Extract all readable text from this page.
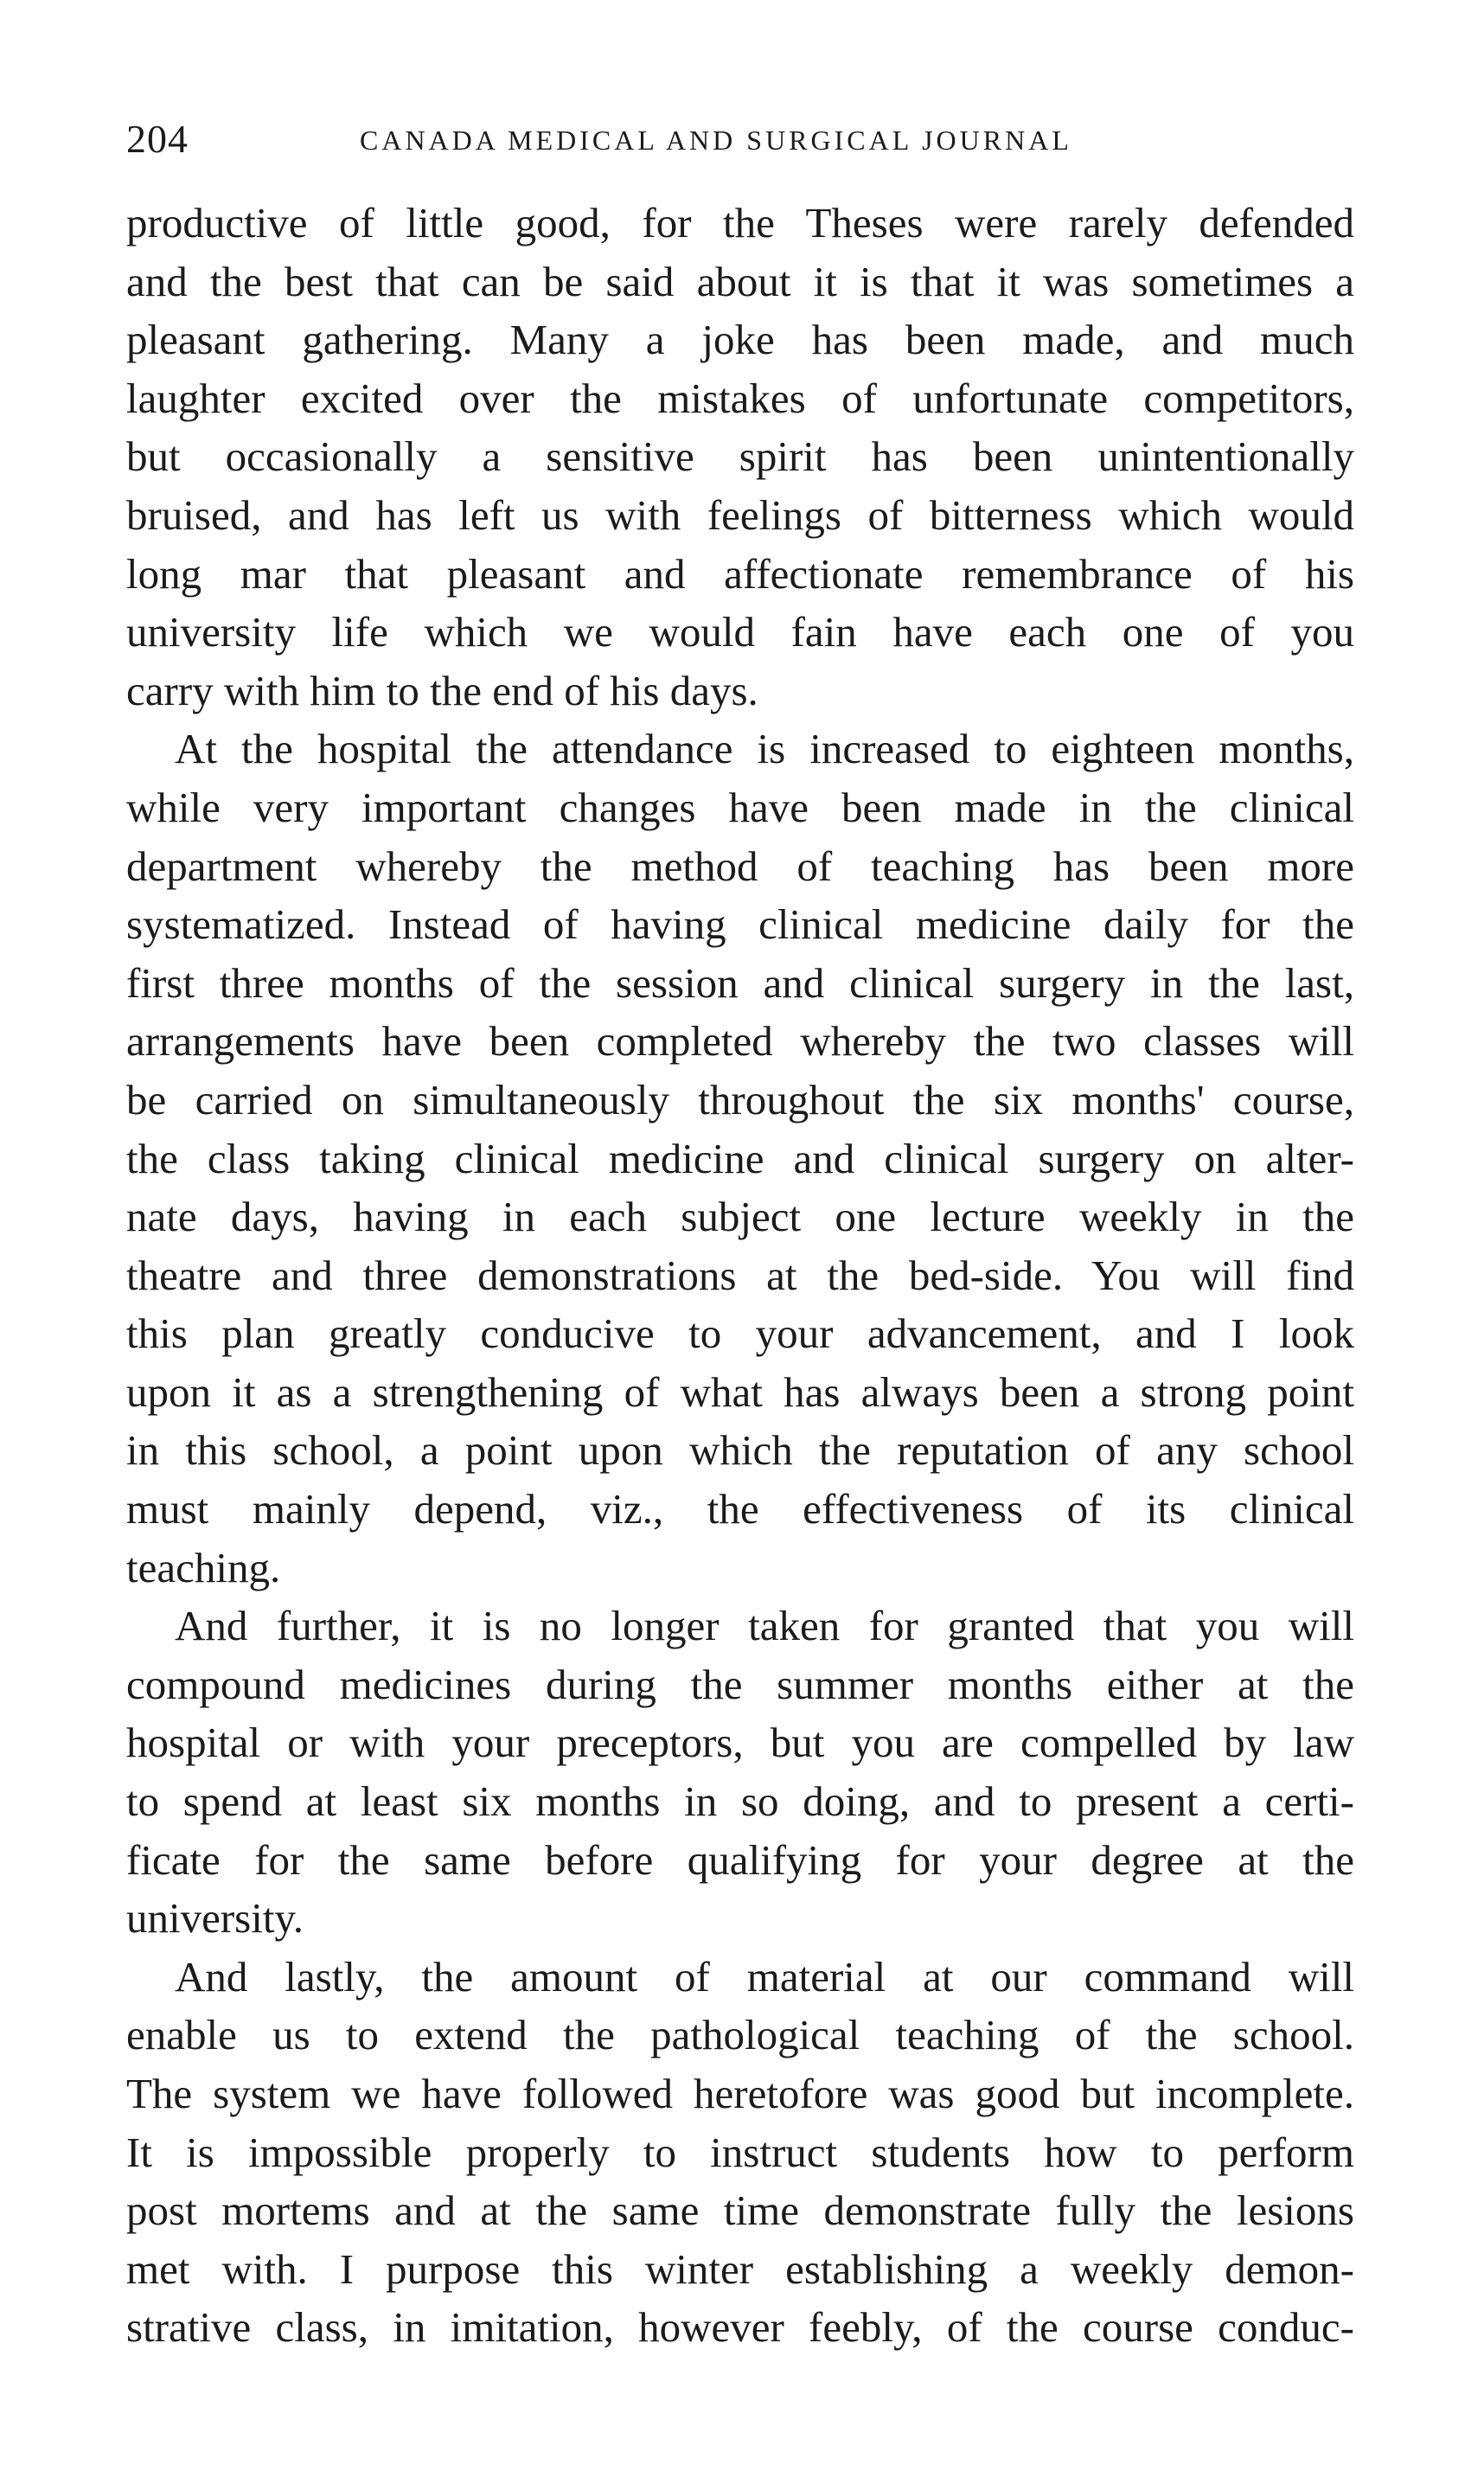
204	CANADA MEDICAL AND SURGICAL JOURNAL
productive of little good, for the Theses were rarely defended
and the best that can be said about it is that it was sometimes a
pleasant gathering. Many a joke has been made, and much
laughter excited over the mistakes of unfortunate competitors,
but occasionally a sensitive spirit has been unintentionally
bruised, and has left us with feelings of bitterness which would
long mar that pleasant and affectionate remembrance of his
university life which we would fain have each one of you
carry with him to the end of his days.
At the hospital the attendance is increased to eighteen months,
while very important changes have been made in the clinical
department whereby the method of teaching has been more
systematized. Instead of having clinical medicine daily for the
first three months of the session and clinical surgery in the last,
arrangements have been completed whereby the two classes will
be carried on simultaneously throughout the six months' course,
the class taking clinical medicine and clinical surgery on alter-
nate days, having in each subject one lecture weekly in the
theatre and three demonstrations at the bed-side. You will find
this plan greatly conducive to your advancement, and I look
upon it as a strengthening of what has always been a strong point
in this school, a point upon which the reputation of any school
must mainly depend, viz., the effectiveness of its clinical
teaching.
And further, it is no longer taken for granted that you will
compound medicines during the summer months either at the
hospital or with your preceptors, but you are compelled by law
to spend at least six months in so doing, and to present a certi-
ficate for the same before qualifying for your degree at the
university.
And lastly, the amount of material at our command will
enable us to extend the pathological teaching of the school.
The system we have followed heretofore was good but incomplete.
It is impossible properly to instruct students how to perform
post mortems and at the same time demonstrate fully the lesions
met with. I purpose this winter establishing a weekly demon-
strative class, in imitation, however feebly, of the course conduc-
